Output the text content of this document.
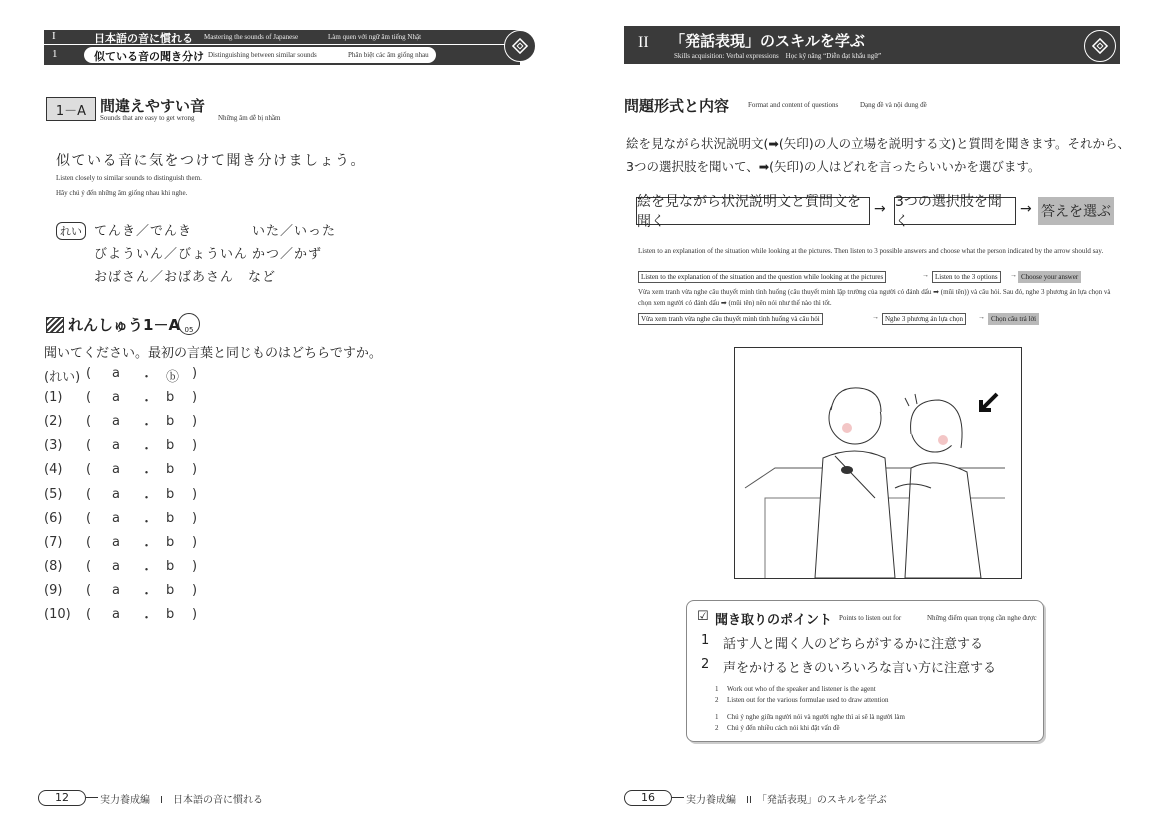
I	日本語の音に慣れる Mastering the sounds of Japanese	Làm quen với ngữ âm tiếng Nhật
1	似ている音の聞き分け Distinguishing between similar sounds	Phân biệt các âm giống nhau
1－A 間違えやすい音
Sounds that are easy to get wrong	Những âm dễ bị nhầm
似ている音に気をつけて聞き分けましょう。
Listen closely to similar sounds to distinguish them.
Hãy chú ý đến những âm giống nhau khi nghe.
れい てんき／でんき	いた／いった
びよういん／びょういん かつ／かず
おばさん／おばあさん　など
れんしゅう1－A 05
聞いてください。最初の言葉と同じものはどちらですか。
(れい) (	a	・ ⓑ )
(1)	(	a	・ b	)
(2)	(	a	・ b	)
(3)	(	a	・ b	)
(4)	(	a	・ b	)
(5)	(	a	・ b	)
(6)	(	a	・ b	)
(7)	(	a	・ b	)
(8)	(	a	・ b	)
(9)	(	a	・ b	)
(10)	(	a	・ b	)
12	実力養成編　I　日本語の音に慣れる
II 「発話表現」のスキルを学ぶ
Skills acquisition: Verbal expressions　Học kỹ năng “Diễn đạt khẩu ngữ”
問題形式と内容	Format and content of questions	Dạng đề và nội dung đề
絵を見ながら状況説明文(➡(矢印)の人の立場を説明する文)と質問を聞きます。それから、
3つの選択肢を聞いて、➡(矢印)の人はどれを言ったらいいかを選びます。
絵を見ながら状況説明文と質問文を聞く
→ 3つの選択肢を聞く
→ 答えを選ぶ
Listen to an explanation of the situation while looking at the pictures. Then listen to 3 possible answers and choose what the person indicated by the arrow should say.
Listen to the explanation of the situation and the question while looking at the pictures	→ Listen to the 3 options	→ Choose your answer
Vừa xem tranh vừa nghe câu thuyết minh tình huống (câu thuyết minh lập trường của người có đánh dấu ➡ (mũi tên)) và câu hỏi. Sau đó, nghe 3 phương án lựa chọn và chọn xem người có đánh dấu ➡ (mũi tên) nên nói như thế nào thì tốt.
Vừa xem tranh vừa nghe câu thuyết minh tình huống và câu hỏi	→ Nghe 3 phương án lựa chọn	→ Chọn câu trả lời
☑ 聞き取りのポイント Points to listen out for	Những điểm quan trọng cần nghe được
1 話す人と聞く人のどちらがするかに注意する
2 声をかけるときのいろいろな言い方に注意する
1 Work out who of the speaker and listener is the agent
2 Listen out for the various formulae used to draw attention
1 Chú ý nghe giữa người nói và người nghe thì ai sẽ là người làm
2 Chú ý đến nhiều cách nói khi đặt vấn đề
16	実力養成編　II　「発話表現」のスキルを学ぶ
